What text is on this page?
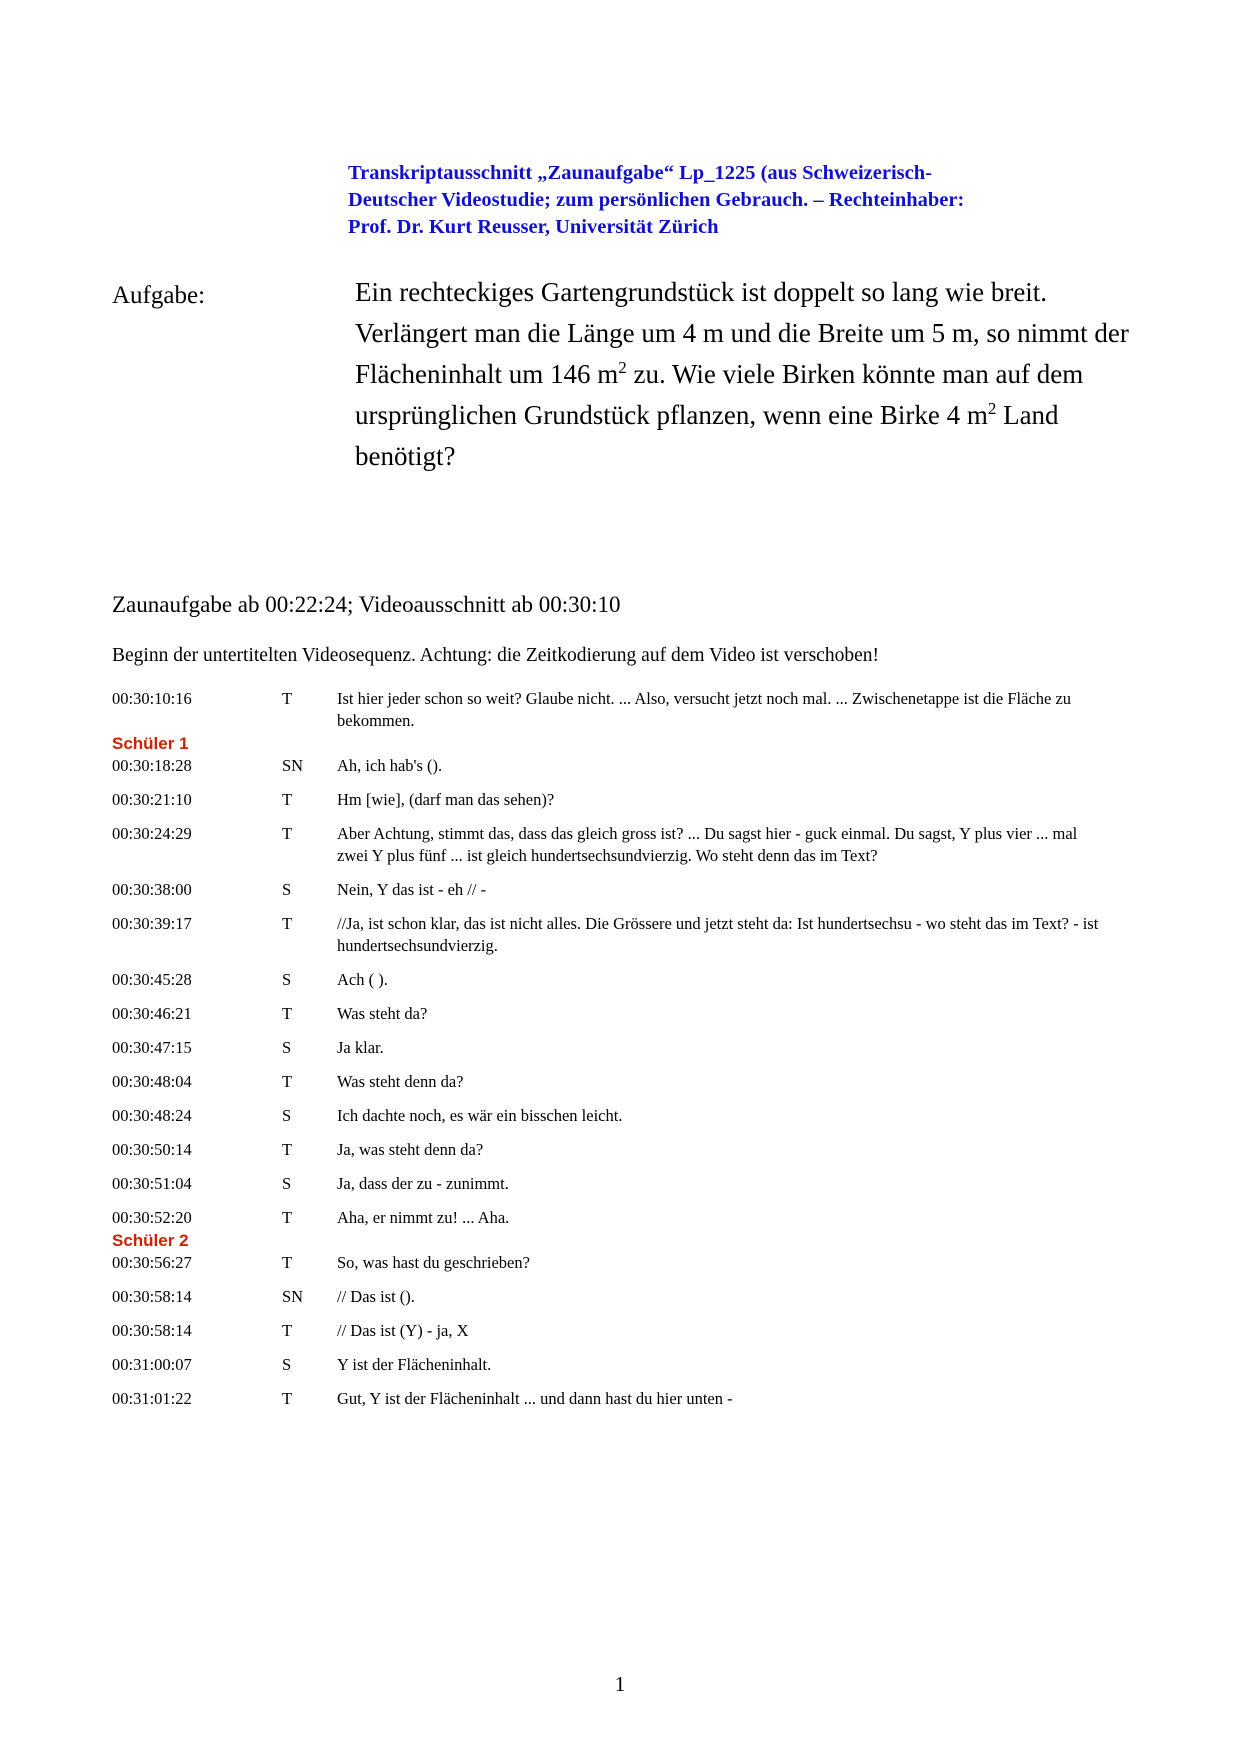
Transkriptausschnitt „Zaunaufgabe“ Lp_1225 (aus Schweizerisch-
Deutscher Videostudie; zum persönlichen Gebrauch. – Rechteinhaber:
Prof. Dr. Kurt Reusser, Universität Zürich
Aufgabe:	Ein rechteckiges Gartengrundstück ist doppelt so lang wie breit. Verlängert man die Länge um 4 m und die Breite um 5 m, so nimmt der Flächeninhalt um 146 $m^2$ zu. Wie viele Birken könnte man auf dem ursprünglichen Grundstück pflanzen, wenn eine Birke 4 $m^2$ Land benötigt?
Zaunaufgabe ab 00:22:24; Videoausschnitt ab 00:30:10
Beginn der untertitelten Videosequenz. Achtung: die Zeitkodierung auf dem Video ist verschoben!
00:30:10:16	T	Ist hier jeder schon so weit? Glaube nicht. ... Also, versucht jetzt noch mal. ... Zwischenetappe ist die Fläche zu bekommen.
Schüler 1
00:30:18:28	SN	Ah, ich hab's ().
00:30:21:10	T	Hm [wie], (darf man das sehen)?
00:30:24:29	T	Aber Achtung, stimmt das, dass das gleich gross ist? ... Du sagst hier - guck einmal. Du sagst, Y plus vier ... mal zwei Y plus fünf ... ist gleich hundertsechsundvierzig. Wo steht denn das im Text?
00:30:38:00	S	Nein, Y das ist - eh // -
00:30:39:17	T	//Ja, ist schon klar, das ist nicht alles. Die Grössere und jetzt steht da: Ist hundertsechsu - wo steht das im Text? - ist hundertsechsundvierzig.
00:30:45:28	S	Ach ( ).
00:30:46:21	T	Was steht da?
00:30:47:15	S	Ja klar.
00:30:48:04	T	Was steht denn da?
00:30:48:24	S	Ich dachte noch, es wär ein bisschen leicht.
00:30:50:14	T	Ja, was steht denn da?
00:30:51:04	S	Ja, dass der zu - zunimmt.
00:30:52:20	T	Aha, er nimmt zu! ... Aha.
Schüler 2
00:30:56:27	T	So, was hast du geschrieben?
00:30:58:14	SN	// Das ist ().
00:30:58:14	T	// Das ist (Y) - ja, X
00:31:00:07	S	Y ist der Flächeninhalt.
00:31:01:22	T	Gut, Y ist der Flächeninhalt ... und dann hast du hier unten -
1
